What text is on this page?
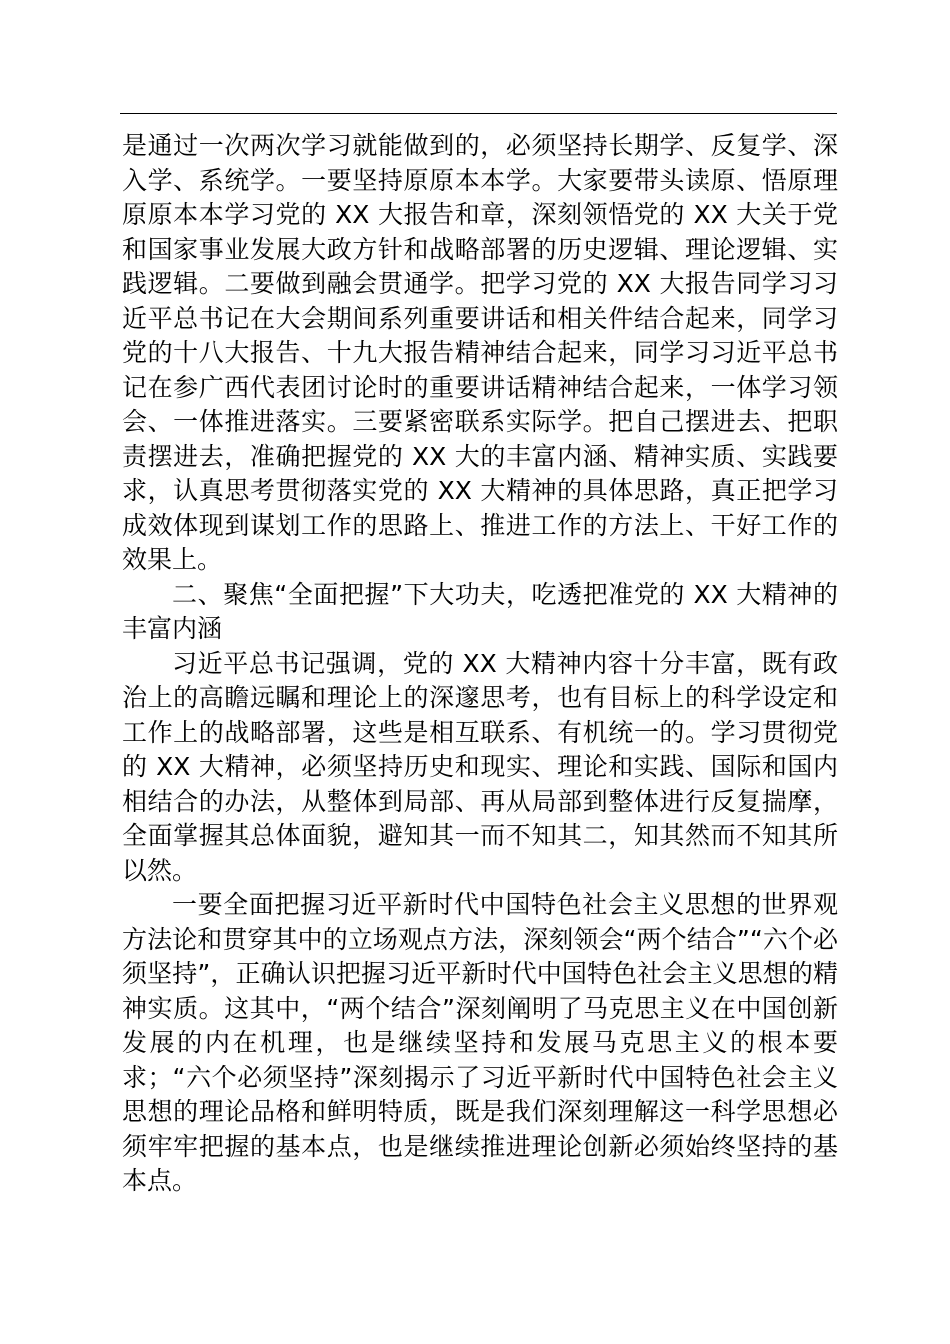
是通过一次两次学习就能做到的，必须坚持长期学、反复学、深入学、系统学。一要坚持原原本本学。大家要带头读原、悟原理原原本本学习党的 XX 大报告和章，深刻领悟党的 XX 大关于党和国家事业发展大政方针和战略部署的历史逻辑、理论逻辑、实践逻辑。二要做到融会贯通学。把学习党的 XX 大报告同学习习近平总书记在大会期间系列重要讲话和相关件结合起来，同学习党的十八大报告、十九大报告精神结合起来，同学习习近平总书记在参广西代表团讨论时的重要讲话精神结合起来，一体学习领会、一体推进落实。三要紧密联系实际学。把自己摆进去、把职责摆进去，准确把握党的 XX 大的丰富内涵、精神实质、实践要求，认真思考贯彻落实党的 XX 大精神的具体思路，真正把学习成效体现到谋划工作的思路上、推进工作的方法上、干好工作的效果上。

二、聚焦“全面把握”下大功夫，吃透把准党的 XX 大精神的丰富内涵

习近平总书记强调，党的 XX 大精神内容十分丰富，既有政治上的高瞻远瞩和理论上的深邃思考，也有目标上的科学设定和工作上的战略部署，这些是相互联系、有机统一的。学习贯彻党的 XX 大精神，必须坚持历史和现实、理论和实践、国际和国内相结合的办法，从整体到局部、再从局部到整体进行反复揣摩，全面掌握其总体面貌，避知其一而不知其二，知其然而不知其所以然。

一要全面把握习近平新时代中国特色社会主义思想的世界观方法论和贯穿其中的立场观点方法，深刻领会“两个结合”“六个必须坚持”，正确认识把握习近平新时代中国特色社会主义思想的精神实质。这其中，“两个结合”深刻阐明了马克思主义在中国创新发展的内在机理，也是继续坚持和发展马克思主义的根本要求；“六个必须坚持”深刻揭示了习近平新时代中国特色社会主义思想的理论品格和鲜明特质，既是我们深刻理解这一科学思想必须牢牢把握的基本点，也是继续推进理论创新必须始终坚持的基本点。
